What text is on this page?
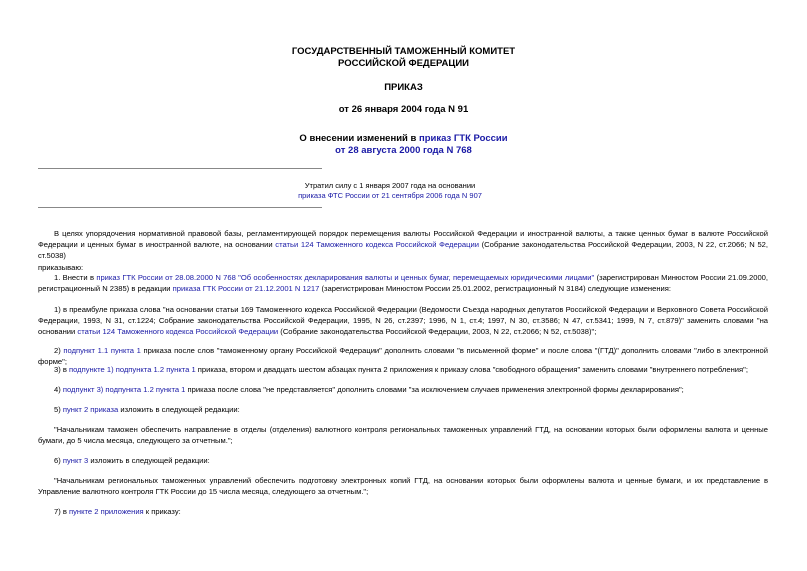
ГОСУДАРСТВЕННЫЙ ТАМОЖЕННЫЙ КОМИТЕТ
РОССИЙСКОЙ ФЕДЕРАЦИИ
ПРИКАЗ
от 26 января 2004 года N 91
О внесении изменений в приказ ГТК России
от 28 августа 2000 года N 768
Утратил силу с 1 января 2007 года на основании
приказа ФТС России от 21 сентября 2006 года N 907
В целях упорядочения нормативной правовой базы, регламентирующей порядок перемещения валюты Российской Федерации и иностранной валюты, а также ценных бумаг в валюте Российской Федерации и ценных бумаг в иностранной валюте, на основании статьи 124 Таможенного кодекса Российской Федерации (Собрание законодательства Российской Федерации, 2003, N 22, ст.2066; N 52, ст.5038)
приказываю:
1. Внести в приказ ГТК России от 28.08.2000 N 768 "Об особенностях декларирования валюты и ценных бумаг, перемещаемых юридическими лицами" (зарегистрирован Минюстом России 21.09.2000, регистрационный N 2385) в редакции приказа ГТК России от 21.12.2001 N 1217 (зарегистрирован Минюстом России 25.01.2002, регистрационный N 3184) следующие изменения:
1) в преамбуле приказа слова "на основании статьи 169 Таможенного кодекса Российской Федерации (Ведомости Съезда народных депутатов Российской Федерации и Верховного Совета Российской Федерации, 1993, N 31, ст.1224; Собрание законодательства Российской Федерации, 1995, N 26, ст.2397; 1996, N 1, ст.4; 1997, N 30, ст.3586; N 47, ст.5341; 1999, N 7, ст.879)" заменить словами "на основании статьи 124 Таможенного кодекса Российской Федерации (Собрание законодательства Российской Федерации, 2003, N 22, ст.2066; N 52, ст.5038)";
2) подпункт 1.1 пункта 1 приказа после слов "таможенному органу Российской Федерации" дополнить словами "в письменной форме" и после слова "(ГТД)" дополнить словами "либо в электронной форме";
3) в подпункте 1) подпункта 1.2 пункта 1 приказа, втором и двадцать шестом абзацах пункта 2 приложения к приказу слова "свободного обращения" заменить словами "внутреннего потребления";
4) подпункт 3) подпункта 1.2 пункта 1 приказа после слова "не представляется" дополнить словами "за исключением случаев применения электронной формы декларирования";
5) пункт 2 приказа изложить в следующей редакции:
"Начальникам таможен обеспечить направление в отделы (отделения) валютного контроля региональных таможенных управлений ГТД, на основании которых были оформлены валюта и ценные бумаги, до 5 числа месяца, следующего за отчетным.";
6) пункт 3 изложить в следующей редакции:
"Начальникам региональных таможенных управлений обеспечить подготовку электронных копий ГТД, на основании которых были оформлены валюта и ценные бумаги, и их представление в Управление валютного контроля ГТК России до 15 числа месяца, следующего за отчетным.";
7) в пункте 2 приложения к приказу:
